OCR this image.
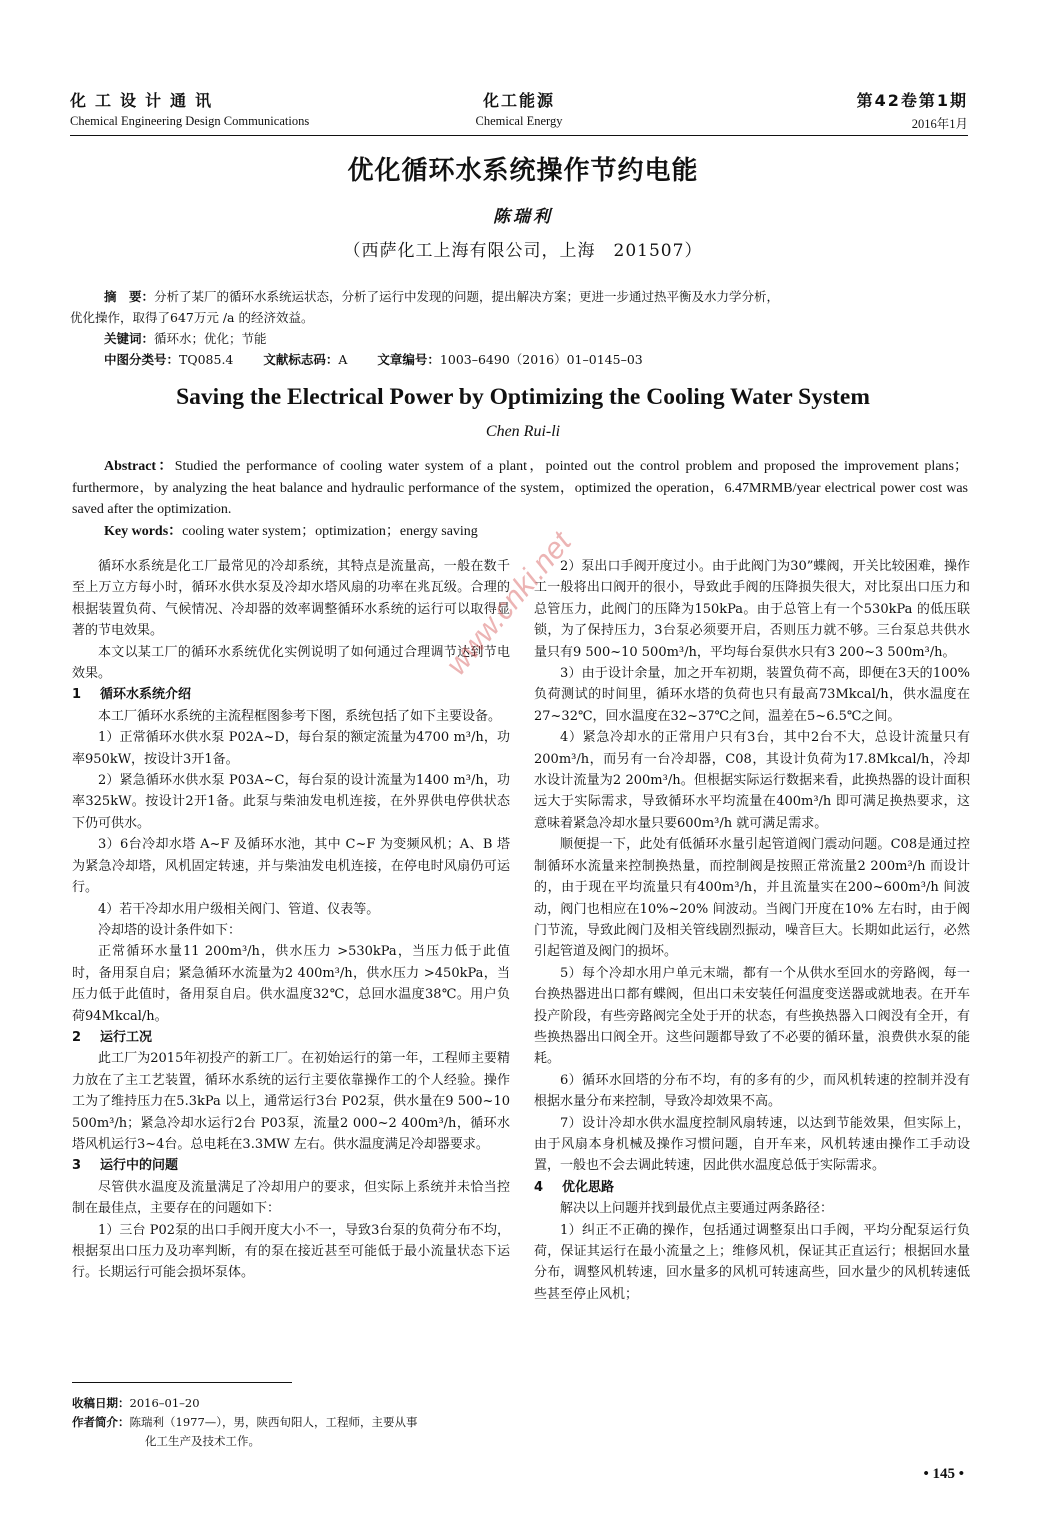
化工设计通讯
Chemical Engineering Design Communications
化工能源
Chemical Energy
第42卷第1期
2016年1月
优化循环水系统操作节约电能
陈瑞利
（西萨化工上海有限公司，上海　201507）
摘　要：分析了某厂的循环水系统运状态，分析了运行中发现的问题，提出解决方案；更进一步通过热平衡及水力学分析，
优化操作，取得了647万元 /a 的经济效益。
关键词：循环水；优化；节能
中图分类号：TQ085.4 文献标志码：A 文章编号：1003–6490（2016）01–0145–03
Saving the Electrical Power by Optimizing the Cooling Water System
Chen Rui-li

Abstract：Studied the performance of cooling water system of a plant，pointed out the control problem and proposed the improvement plans；furthermore，by analyzing the heat balance and hydraulic performance of the system，optimized the operation，6.47MRMB/year electrical power cost was saved after the optimization.

Key words：cooling water system；optimization；energy saving

循环水系统是化工厂最常见的冷却系统，其特点是流量高，一般在数千至上万立方每小时，循环水供水泵及冷却水塔风扇的功率在兆瓦级。合理的根据装置负荷、气候情况、冷却器的效率调整循环水系统的运行可以取得显著的节电效果。

本文以某工厂的循环水系统优化实例说明了如何通过合理调节达到节电效果。

1 循环水系统介绍

本工厂循环水系统的主流程框图参考下图，系统包括了如下主要设备。

1）正常循环水供水泵 P02A~D，每台泵的额定流量为4700 m³/h，功率950kW，按设计3开1备。

2）紧急循环水供水泵 P03A~C，每台泵的设计流量为1400 m³/h，功率325kW。按设计2开1备。此泵与柴油发电机连接，在外界供电停供状态下仍可供水。

3）6台冷却水塔 A~F 及循环水池，其中 C~F 为变频风机；A、B 塔为紧急冷却塔，风机固定转速，并与柴油发电机连接，在停电时风扇仍可运行。

4）若干冷却水用户级相关阀门、管道、仪表等。

冷却塔的设计条件如下：

正常循环水量11 200m³/h，供水压力 >530kPa，当压力低于此值时，备用泵自启；紧急循环水流量为2 400m³/h，供水压力 >450kPa，当压力低于此值时，备用泵自启。供水温度32℃，总回水温度38℃。用户负荷94Mkcal/h。

2 运行工况

此工厂为2015年初投产的新工厂。在初始运行的第一年，工程师主要精力放在了主工艺装置，循环水系统的运行主要依靠操作工的个人经验。操作工为了维持压力在5.3kPa 以上，通常运行3台 P02泵，供水量在9 500~10 500m³/h；紧急冷却水运行2台 P03泵，流量2 000~2 400m³/h，循环水塔风机运行3~4台。总电耗在3.3MW 左右。供水温度满足冷却器要求。

3 运行中的问题

尽管供水温度及流量满足了冷却用户的要求，但实际上系统并未恰当控制在最佳点，主要存在的问题如下：

1）三台 P02泵的出口手阀开度大小不一，导致3台泵的负荷分布不均，根据泵出口压力及功率判断，有的泵在接近甚至可能低于最小流量状态下运行。长期运行可能会损坏泵体。

2）泵出口手阀开度过小。由于此阀门为30”蝶阀，开关比较困难，操作工一般将出口阀开的很小，导致此手阀的压降损失很大，对比泵出口压力和总管压力，此阀门的压降为150kPa。由于总管上有一个530kPa 的低压联锁，为了保持压力，3台泵必须要开启，否则压力就不够。三台泵总共供水量只有9 500~10 500m³/h，平均每台泵供水只有3 200~3 500m³/h。

3）由于设计余量，加之开车初期，装置负荷不高，即便在3天的100% 负荷测试的时间里，循环水塔的负荷也只有最高73Mkcal/h，供水温度在27~32℃，回水温度在32~37℃之间，温差在5~6.5℃之间。

4）紧急冷却水的正常用户只有3台，其中2台不大，总设计流量只有200m³/h，而另有一台冷却器，C08，其设计负荷为17.8Mkcal/h，冷却水设计流量为2 200m³/h。但根据实际运行数据来看，此换热器的设计面积远大于实际需求，导致循环水平均流量在400m³/h 即可满足换热要求，这意味着紧急冷却水量只要600m³/h 就可满足需求。

顺便提一下，此处有低循环水量引起管道阀门震动问题。C08是通过控制循环水流量来控制换热量，而控制阀是按照正常流量2 200m³/h 而设计的，由于现在平均流量只有400m³/h，并且流量实在200~600m³/h 间波动，阀门也相应在10%~20% 间波动。当阀门开度在10% 左右时，由于阀门节流，导致此阀门及相关管线剧烈振动，噪音巨大。长期如此运行，必然引起管道及阀门的损坏。

5）每个冷却水用户单元末端，都有一个从供水至回水的旁路阀，每一台换热器进出口都有蝶阀，但出口未安装任何温度变送器或就地表。在开车投产阶段，有些旁路阀完全处于开的状态，有些换热器入口阀没有全开，有些换热器出口阀全开。这些问题都导致了不必要的循环量，浪费供水泵的能耗。

6）循环水回塔的分布不均，有的多有的少，而风机转速的控制并没有根据水量分布来控制，导致冷却效果不高。

7）设计冷却水供水温度控制风扇转速，以达到节能效果，但实际上，由于风扇本身机械及操作习惯问题，自开车来，风机转速由操作工手动设置，一般也不会去调此转速，因此供水温度总低于实际需求。

4 优化思路

解决以上问题并找到最优点主要通过两条路径：

1）纠正不正确的操作，包括通过调整泵出口手阀，平均分配泵运行负荷，保证其运行在最小流量之上；维修风机，保证其正直运行；根据回水量分布，调整风机转速，回水量多的风机可转速高些，回水量少的风机转速低些甚至停止风机；

收稿日期：2016–01–20
作者简介：陈瑞利（1977—），男，陕西旬阳人，工程师，主要从事
化工生产及技术工作。
• 145 •
www.cnki.net
